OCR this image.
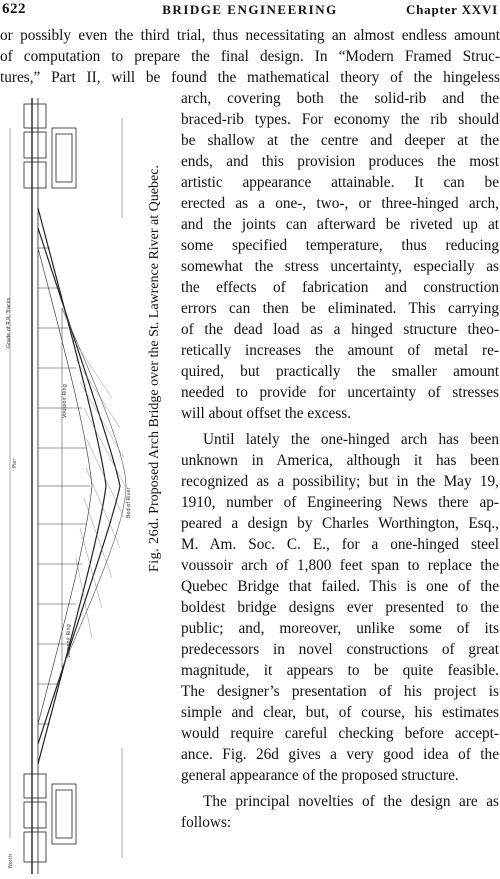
622	BRIDGE ENGINEERING	Chapter XXVI
or possibly even the third trial, thus necessitating an almost endless amount
of computation to prepare the final design. In “Modern Framed Struc-
tures,” Part II, will be found the mathematical theory of the hingeless
North
Grade of R.R. Tracks
Pier
Voussoir Ring
Voussoir Ring
Bed of River
Fig. 26d. Proposed Arch Bridge over the St. Lawrence River at Quebec.
arch, covering both the solid-rib and the
braced-rib types. For economy the rib should
be shallow at the centre and deeper at the
ends, and this provision produces the most
artistic appearance attainable. It can be
erected as a one-, two-, or three-hinged arch,
and the joints can afterward be riveted up at
some specified temperature, thus reducing
somewhat the stress uncertainty, especially as
the effects of fabrication and construction
errors can then be eliminated. This carrying
of the dead load as a hinged structure theo-
retically increases the amount of metal re-
quired, but practically the smaller amount
needed to provide for uncertainty of stresses
will about offset the excess.
Until lately the one-hinged arch has been
unknown in America, although it has been
recognized as a possibility; but in the May 19,
1910, number of Engineering News there ap-
peared a design by Charles Worthington, Esq.,
M. Am. Soc. C. E., for a one-hinged steel
voussoir arch of 1,800 feet span to replace the
Quebec Bridge that failed. This is one of the
boldest bridge designs ever presented to the
public; and, moreover, unlike some of its
predecessors in novel constructions of great
magnitude, it appears to be quite feasible.
The designer’s presentation of his project is
simple and clear, but, of course, his estimates
would require careful checking before accept-
ance. Fig. 26d gives a very good idea of the
general appearance of the proposed structure.
The principal novelties of the design are as
follows:
